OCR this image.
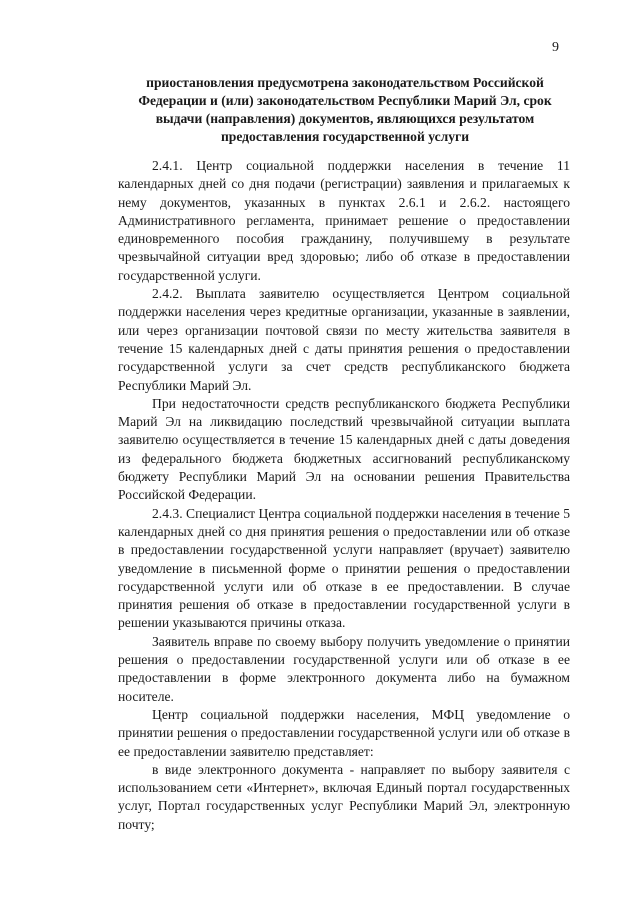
9
приостановления предусмотрена законодательством Российской Федерации и (или) законодательством Республики Марий Эл, срок выдачи (направления) документов, являющихся результатом предоставления государственной услуги

2.4.1. Центр социальной поддержки населения в течение 11 календарных дней со дня подачи (регистрации) заявления и прилагаемых к нему документов, указанных в пунктах 2.6.1 и 2.6.2. настоящего Административного регламента, принимает решение о предоставлении единовременного пособия гражданину, получившему в результате чрезвычайной ситуации вред здоровью; либо об отказе в предоставлении государственной услуги.

2.4.2. Выплата заявителю осуществляется Центром социальной поддержки населения через кредитные организации, указанные в заявлении, или через организации почтовой связи по месту жительства заявителя в течение 15 календарных дней с даты принятия решения о предоставлении государственной услуги за счет средств республиканского бюджета Республики Марий Эл.

При недостаточности средств республиканского бюджета Республики Марий Эл на ликвидацию последствий чрезвычайной ситуации выплата заявителю осуществляется в течение 15 календарных дней с даты доведения из федерального бюджета бюджетных ассигнований республиканскому бюджету Республики Марий Эл на основании решения Правительства Российской Федерации.

2.4.3. Специалист Центра социальной поддержки населения в течение 5 календарных дней со дня принятия решения о предоставлении или об отказе в предоставлении государственной услуги направляет (вручает) заявителю уведомление в письменной форме о принятии решения о предоставлении государственной услуги или об отказе в ее предоставлении. В случае принятия решения об отказе в предоставлении государственной услуги в решении указываются причины отказа.

Заявитель вправе по своему выбору получить уведомление о принятии решения о предоставлении государственной услуги или об отказе в ее предоставлении в форме электронного документа либо на бумажном носителе.

Центр социальной поддержки населения, МФЦ уведомление о принятии решения о предоставлении государственной услуги или об отказе в ее предоставлении заявителю представляет:

в виде электронного документа - направляет по выбору заявителя с использованием сети «Интернет», включая Единый портал государственных услуг, Портал государственных услуг Республики Марий Эл, электронную почту;
